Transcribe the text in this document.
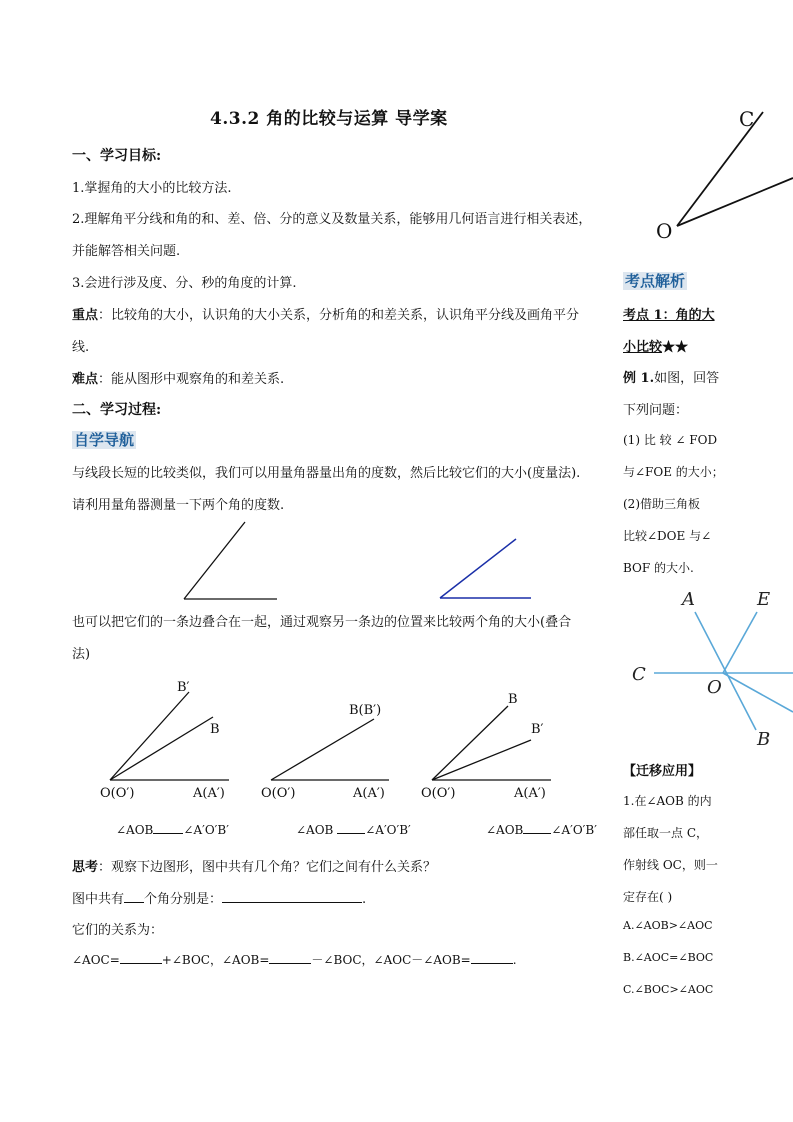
4.3.2 角的比较与运算 导学案
一、学习目标:
1.掌握角的大小的比较方法.
2.理解角平分线和角的和、差、倍、分的意义及数量关系，能够用几何语言进行相关表述，
并能解答相关问题.
3.会进行涉及度、分、秒的角度的计算.
重点：比较角的大小，认识角的大小关系，分析角的和差关系，认识角平分线及画角平分
线.
难点：能从图形中观察角的和差关系.
二、学习过程:
自学导航
与线段长短的比较类似，我们可以用量角器量出角的度数，然后比较它们的大小(度量法).
请利用量角器测量一下两个角的度数.
也可以把它们的一条边叠合在一起，通过观察另一条边的位置来比较两个角的大小(叠合
法)
B′
B
O(O′)	A(A′)
B(B′)
O(O′)	A(A′)
B
B′
O(O′)	A(A′)
∠AOB	∠A′O′B′	∠AOB	∠A′O′B′	∠AOB ∠A′O′B′
思考：观察下边图形，图中共有几个角？它们之间有什么关系？
图中共有 个角分别是：	.
它们的关系为：
∠AOC=	+∠BOC，∠AOB=	－∠BOC，∠AOC－∠AOB=	.
C
O
考点解析
考点 1：角的大
小比较★★
例 1.如图，回答
下列问题：
(1) 比 较 ∠ FOD
与∠FOE 的大小；
(2)借助三角板
比较∠DOE 与∠
BOF 的大小.
A	E
C
O
B
【迁移应用】
1.在∠AOB 的内
部任取一点 C，
作射线 OC，则一
定存在( )
A.∠AOB>∠AOC
B.∠AOC=∠BOC
C.∠BOC>∠AOC
